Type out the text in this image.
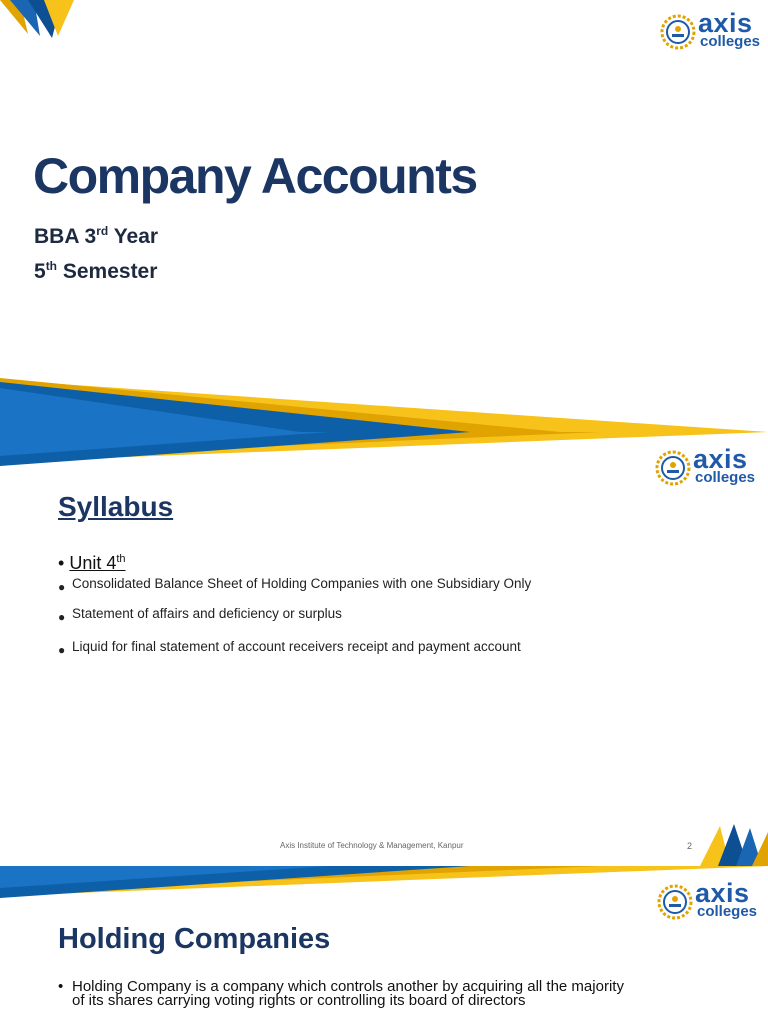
axis
colleges
Company Accounts
BBA 3rd Year
5th Semester
axis
colleges
Syllabus
• Unit 4th
● Consolidated Balance Sheet of Holding Companies with one Subsidiary Only
● Statement of affairs and deficiency or surplus
● Liquid for final statement of account receivers receipt and payment account
Axis Institute of Technology & Management, Kanpur	2
axis
colleges
Holding Companies
• Holding Company is a company which controls another by acquiring all the majority of its shares carrying voting rights or controlling its board of directors
